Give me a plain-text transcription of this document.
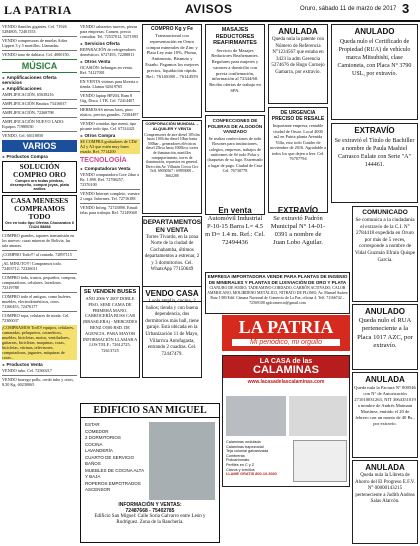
LA PATRIA	AVISOS	Oruro, sábado 11 de marzo de 2017 3

VENDO flamiles gigantes. Cel. 71926 5284805, 72401553

VENDO compresoras de muelas Adise Lippert 3 y 5 martillos. Llamadas:

VENDO tono de dabiaca. Cel. 4000150.

MÚSICA
► Amplificaciones Oferta servicios
► Amplificaciones

AMPLIFICACIÓN, 65638216

AMPLIFICACIÓN Bautiza 73416037

AMPLIFICACIÓN, 72268798

AMPLIFICACIÓN NUEVO LADO: Equipos 71980030

VENDO, Cel. 60118050

VARIOS
► Productos Compra
SOLUCIÓN COMPRO ORO
Compro oro todas piedras, desempeño, compra joyas, plata anillos
CASA MENESES COMPRAMOS TODO
Oro en todo tipo Ofertas Chucaratos 6 72424 58888

COMPRO grandes, tapones transmisión en los nuevos: casas mineras de Bolivia, las tala amaras.

¡COMPRO Todo!!! al contado. 72897115

¡AL MINUTO!!! Compramos todo. 72403712, 72326011

COMPRO todo, trastos, pequeños, compras, computadoras, celulares, lavadoras. 72319788

COMPRO todo el antiguo, como bufetes, muebles, electrodomésticos, otros. 71160453, 72476177

COMPRO ropa, celulares de moda. Cel. 72300037

¡COMPRAMOS TodO! equipos, celulares, camaradas, peluqueros, cosméticos, muebles, bicicletas, motos, ventiladores, guitarras, bicicletas, maquinas, cosas, bicicletas, vitrinas, televisores, computadoras, juguetes, máquinas de coser...

► Productos Venta

VENDO tubo. Cel. 72560217

VENDO borrego pollo, cerdo tubo y otros, 8,50 Kg. 60230065

VENDO cabezetes nuevos, piezas para empresas. Cansen, precio consultar. Tel. 72537012, 5271993

► Servicios Oferta

REPARACIÓN de refrigeradores domésticos. 6727493, 72288811

► Otros Venta

OCASIÓN: bebungas en venta. Ref. 74127001

EN VENTA vitrinas para librería o tienda. Llamar 62619765

VENDO laptop HP204, Ram 8 Gig, Disco 1 TB. Cel. 72414407

HERMOSAS mesas lotes, pino rústico, precios grandes. 72304497

VENDO comidas tipo menú, tipo picante todo tipo. Cel. 67314421

► Otros Compra

SE COMPRA grabadores de CD# A2 y A3 que estén muy buen estado. Ref. 7714200

TECNOLOGÍA
► Computadoras Venta

VENDO computadora Core 2duo a Bs. 1.890. Ref. 72768257, 72376100

VENDO Internet completo, vuestra 2 carga. Informes. Tel. 72716188

VENDO Inforg. 72743890. Email: felas para trabajar. Ref. 72149048

COMPRO Kg y Fe
Transnacional con representación en Oruro compra minerales de Zinc y Plata Ley min 10%, Plomo, Antimonio, Bismuto y Estaño. Pagamos los mejores precios, liquidación rápida. Ref.: 76140188 – 76144559
CORPORACIÓN MUNDIAL – ALQUILER Y VENTA
Comprensores de aire diesel 185cfm hasta 1100cfm diesel 10bar hasta 500bar – generadores eléctricos diesel 25kva hasta 1000kva, torres de iluminación, martillos rompepavimento, torres de iluminación, repuestos en general. Dirección Av. Villazón Civica Circ Telf. 69030567 / 69893008 – 3662288
MASAJES REDUCTORES REAFIRMANTES
Servicio de Masajes Reductores Reafirmantes. Regulares para mujeres y varones a domicilio con previa confirmación, información al 72344/60. Recibo ofertas de trabajo en SPA.
CONFECCIONES DE POLERAS DE ALGODÓN VANIZADO
Se realiza confecciones de todo Bosones para instituciones, colegios, empresas, trabajos de uniformes de Sé todo Polar y chaquetas de su logo. Extremado o lugar de pago. Ciudad de Cruz Cel. 76730778
ANULADA
Queda nula la patente con Número de Referencia N°1234567 que estaba en 3423 la adm Gerencia 5274676 de Hugo Cornejo Gamarra, por extravío.
DE URGENCIA PRECISO DE RESALE
Importante empresa, rentable ciudad de Oruro. Local 4000 m2 en Patria planta Avenida Villa, esto todo Cuadro de noviembre de 2016. Agradable a todos los que dejen a leer. Cel. 76707794
ANULADO
Queda nulo el Certificado de Propiedad (RUA) de vehículo marca Mitsubishi, clase Camioneta, con Placa N° 3790 USL, por extravío.
EXTRAVÍO
Se extravió el Título de Bachiller a nombre de Paula Mashiel Carrasco Eulate con Serie "A" 144461.
En venta
Automóvil Industrial P-10-15 Barra L= 4.5 m D= 1.4 m. Ref.: Cel. 72494436
EXTRAVÍO
Se extravió Padrón Municipal N° 14-01-0391 a nombre de Juan Lobo Aguilar.
DEPARTAMENTOS EN VENTA
Torres Tívardo, en la zona Norte de la ciudad de Cochabamba, últimos departamentos a estrenar, 2 y 3 dormitorios. Cel. WhatsApp 77150649
VENDO CASA
1 sola amplia, cocina, 2 baños; tienda y con buena dependencia, dos dormitorios más hall, tiene garaje. Está ubicada en la Urbanización 11 de Mayo, Villarrica Antofagasta, entrando 2 cuadras. Cel. 72447479.
SE VENDEN BUSES
AÑO 2006 Y 2007 DOBLE PISO, SEMI CAMA DE PRIMERA MANO, CARROCERÍA BUSS CAR (BRASILERA) - MERCEDES BENZ O500 RSD. DE AGENCIA. PARA MAYOR INFORMACIÓN LLAMAR A LOS TELF.: 72612725, 72613725
EMPRESA IMPORTADORA VENDE PARA PLANTAS DE INGENIO DE MINERALES Y PLANTAS DE LIXIVIACIÓN DE ORO Y PLATA
CIANURO DE SODIO, TADEAMINO CORDADO, CARBÓN ACTIVADO, CALOR AMERICANO, MOLIBDENO METÁLICO, NITRATO DE PLOMO. Av. Manuel Suárez Ruiz 1380 Edif. Cámara Nacional de Comercio de La Paz, oficina 4. Telf. 71166742 – 72569108 sgdcomercio@gmail.com
COMUNICADO
Se comunica a la ciudadanía el extravío de la C.I. N° 2784418 expedida en Oruro por más de 5 veces, corresponde a nombre de Vidal Guzmán Efraín Quispe García.
ANULADO
Queda nulo el RUA perteneciente a la Placa 1017 AZC, por extravío.
ANULADA
Queda nula la Factura N° 000546 con N° de Autorización 271010031263, NIT 3064351019 a nombre de Andrés Maimani Martínez, emitido el 20 de febrero con un monto de 40 Bs., por extravío.
ANULADA
Queda nula la Libreta de Ahorro del El Progreso E.F.V. N° 00000143215 perteneciente a Judith Andrea Salas Alarcón.
LA PATRIA
Mi periódico, mi orgullo
LA CASA de las
CALAMINAS
www.lacasadelascalaminas.com
Calaminas ondulada
Calaminas trapezoidal
Teja colonial galvanizada
Cumbreras
Policarbonato
Perfiles en C y Z
Clavos y tornillos
LLAME GRATIS 800-10-3030
EDIFICIO SAN MIGUEL
ESTAR
COMEDOR
2 DORMITORIOS
COCINA
LAVANDERÍA
CUARTO DE SERVICIO
BAÑOS
MUEBLES DE COCINA ALTA Y BAJA
ROPEROS EMPOTRADOS
ASCENSOR
INFORMACIÓN Y VENTAS:
72487668 - 75402785
Edificio San Miguel: Calle Soria Galvarro entre León y Rodríguez. Zona de la Ranchería.
